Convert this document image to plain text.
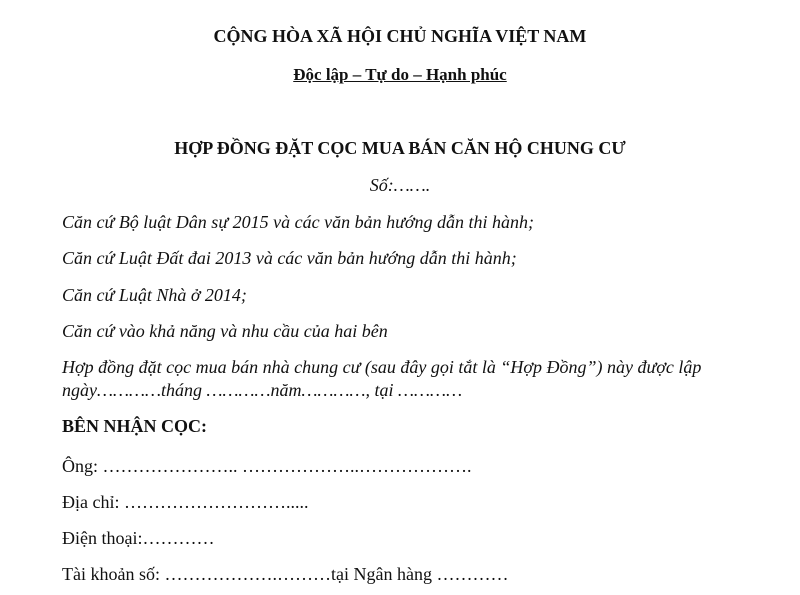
CỘNG HÒA XÃ HỘI CHỦ NGHĨA VIỆT NAM
Độc lập – Tự do – Hạnh phúc
HỢP ĐỒNG ĐẶT CỌC MUA BÁN CĂN HỘ CHUNG CƯ
Số:…….
Căn cứ Bộ luật Dân sự 2015 và các văn bản hướng dẫn thi hành;
Căn cứ Luật Đất đai 2013 và các văn bản hướng dẫn thi hành;
Căn cứ Luật Nhà ở 2014;
Căn cứ vào khả năng và nhu cầu của hai bên
Hợp đồng đặt cọc mua bán nhà chung cư (sau đây gọi tắt là “Hợp Đồng”) này được lập
ngày…………tháng …………năm…………, tại …………
BÊN NHẬN CỌC:
Ông: ………………….. ………………..……………….
Địa chỉ: ……………………….....
Điện thoại:…………
Tài khoản số: ……………….………tại Ngân hàng …………
